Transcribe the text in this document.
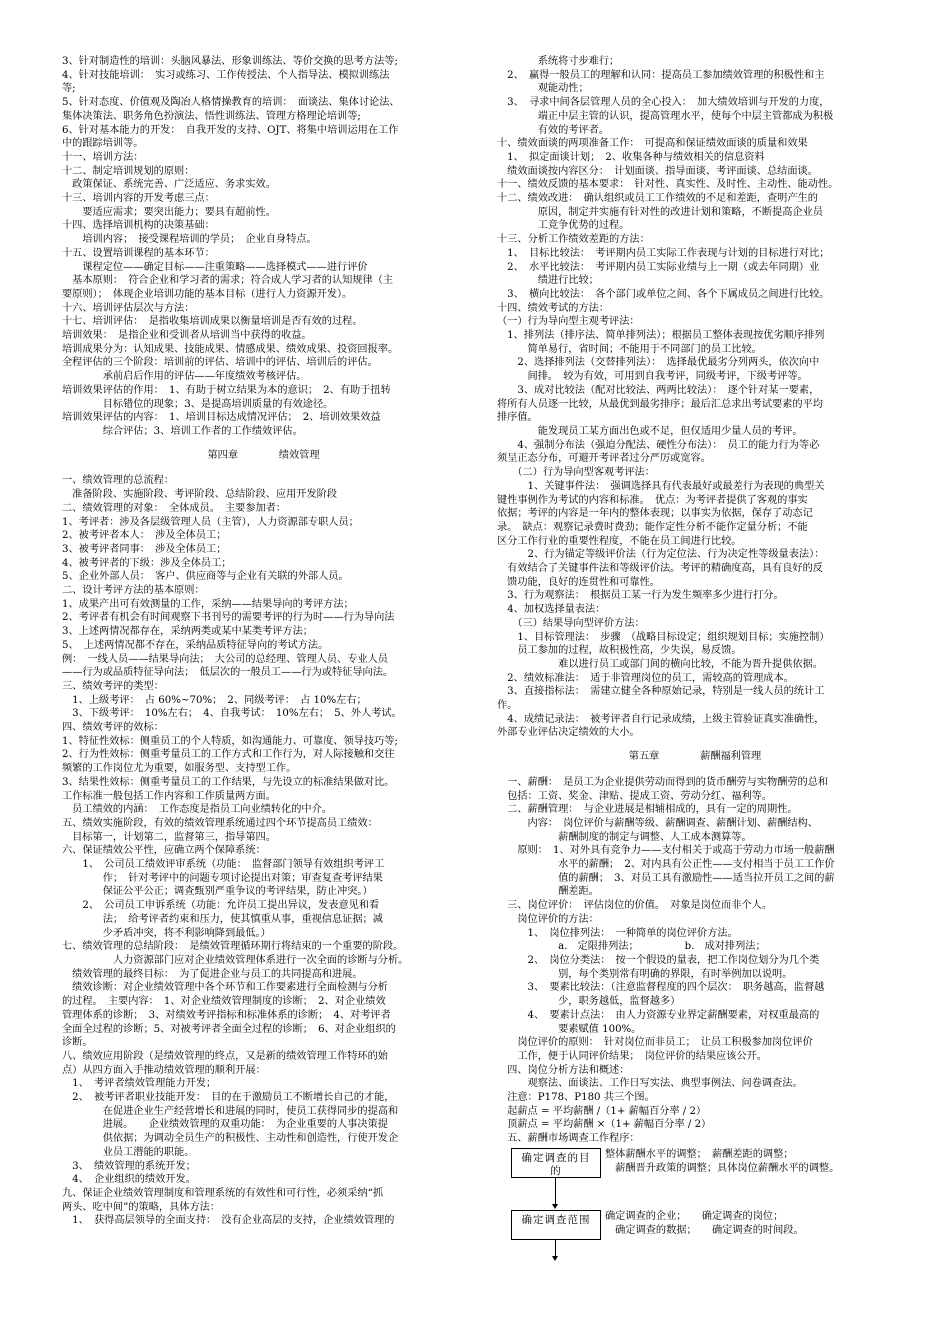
3、针对制造性的培训：头脑风暴法、形象训练法、等价交换的思考方法等;
4、针对技能培训：　实习或练习、工作传授法、个人指导法、模拟训练法
等;
5、针对态度、价值观及陶冶人格情操教育的培训：　面谈法、集体讨论法、
集体决策法、职务角色扮演法、悟性训练法、管理方格理论培训等;
6、针对基本能力的开发：　自我开发的支持、OJT、将集中培训运用在工作
中的跟踪培训等。
十一、培训方法：
十二、制定培训规划的原则：
　政策保证、系统完善、广泛适应、务求实效。
十三、培训内容的开发考虑三点：
　　要适应需求；要突出能力；要具有超前性。
十四、选择培训机构的决策基础：
　　培训内容；　接受课程培训的学员；　企业自身特点。
十五、设置培训课程的基本环节：
　　课程定位——确定目标——注重策略——选择模式——进行评价
　基本原则：　符合企业和学习者的需求；符合成人学习者的认知规律（主
要原则）；　体现企业培训功能的基本目标（进行人力资源开发）。
十六、培训评估层次与方法：
十七、培训评估：　是指收集培训成果以衡量培训是否有效的过程。
培训效果：　是指企业和受训者从培训当中获得的收益。
培训成果分为：认知成果、技能成果、情感成果、绩效成果、投资回报率。
全程评估的三个阶段：培训前的评估、培训中的评估、培训后的评估。
　　　　承前启后作用的评估——年度绩效考核评估。
培训效果评估的作用：　1、有助于树立结果为本的意识；　2、有助于扭转
　　　　目标错位的现象；3、是提高培训质量的有效途径。
培训效果评估的内容：　1、培训目标达成情况评估；　2、培训效果效益
　　　　综合评估；3、培训工作者的工作绩效评估。
第四章　　　　绩效管理
一、绩效管理的总流程：
　准备阶段、实施阶段、考评阶段、总结阶段、应用开发阶段
二、绩效管理的对象：　全体成员。　主要参加者：
1、考评者：涉及各层级管理人员（主管），人力资源部专职人员；
2、被考评者本人：　涉及全体员工；
3、被考评者同事：　涉及全体员工；
4、被考评者的下级：涉及全体员工；
5、企业外部人员：　客户、供应商等与企业有关联的外部人员。
二、设计考评方法的基本原则：
1、成果产出可有效测量的工作，采纳——结果导向的考评方法；
2、考评者有机会有时间观察下书刊号的需要考评的行为时——行为导向法
3、上述两情况都存在，采纳两类或某中某类考评方法；
5、　上述两情况都不存在，采纳品质特征导向的考试方法。
例：　一线人员——结果导向法；　大公司的总经理、管理人员、专业人员
——行为或品质特征导向法；　低层次的一般员工——行为或特征导向法。
三、绩效考评的类型：
　1、上级考评：　占 60%~70%；　2、同级考评：　占 10%左右；
　3、下级考评：　10%左右；　4、自我考试：　10%左右；　5、外人考试。
四、绩效考评的效标：
1、特征性效标：侧重员工的个人特质，如沟通能力、可靠度、领导技巧等;
2、行为性效标：侧重考量员工的工作方式和工作行为，对人际接触和交往
频繁的工作岗位尤为重要，如服务型、支持型工作。
3、结果性效标：侧重考量员工的工作结果，与先设立的标准结果做对比。
工作标准一般包括工作内容和工作质量两方面。
　员工绩效的内涵：　工作态度是指员工向业绩转化的中介。
五、绩效实施阶段，有效的绩效管理系统通过四个环节提高员工绩效：
　目标第一，计划第二，监督第三，指导第四。
六、保证绩效公平性，应确立两个保障系统：
　　1、　公司员工绩效评审系统（功能：　监督部门领导有效组织考评工
　　　　作；　针对考评中的问题专项讨论提出对策；审查复查考评结果
　　　　保证公平公正；调查甄别严重争议的考评结果，防止冲突。）
　　2、　公司员工申诉系统（功能：允许员工提出异议，发表意见和看
　　　　法；　给考评者约束和压力，使其慎重从事，重视信息证据；减
　　　　少矛盾冲突，将不利影响降到最低。）
七、绩效管理的总结阶段：　是绩效管理循环期行将结束的一个重要的阶段。
　　　　　人力资源部门应对企业绩效管理体系进行一次全面的诊断与分析。
　绩效管理的最终目标：　为了促进企业与员工的共同提高和进展。
　绩效诊断：对企业绩效管理中各个环节和工作要素进行全面检测与分析
的过程。　主要内容：　1、对企业绩效管理制度的诊断；　2、对企业绩效
管理体系的诊断；　3、对绩效考评指标和标准体系的诊断；　4、对考评者
全面全过程的诊断；5、对被考评者全面全过程的诊断；　6、对企业组织的
诊断。
八、绩效应用阶段（是绩效管理的终点，又是新的绩效管理工作特环的始
点）从四方面入手推动绩效管理的顺利开展：
　1、　考评者绩效管理能力开发；
　2、　被考评者职业技能开发：　目的在于激励员工不断增长自己的才能，
　　　　在促进企业生产经营增长和进展的同时，使员工获得同步的提高和
　　　　进展。　　企业绩效管理的双重功能：　为企业重要的人事决策提
　　　　供依据；为调动全员生产的积极性、主动性和创造性，行使开发企
　　　　业员工潜能的职能。
　3、　绩效管理的系统开发；
　4、　企业组织的绩效开发。
九、保证企业绩效管理制度和管理系统的有效性和可行性，必须采纳“抓
两头、吃中间”的策略，具体方法：
　1、　获得高层领导的全面支持：　没有企业高层的支持，企业绩效管理的
　　　　系统将寸步难行；
　2、　赢得一般员工的理解和认同：提高员工参加绩效管理的积极性和主
　　　　观能动性；
　3、　寻求中间各层管理人员的全心投入：　加大绩效培训与开发的力度，
　　　　端正中层主管的认识，提高管理水平，使每个中层主管都成为积极
　　　　有效的考评者。
十、绩效面谈的两项准备工作：　可提高和保证绩效面谈的质量和效果
　1、　拟定面谈计划；　2、收集各种与绩效相关的信息资料
　绩效面谈按内容区分：　计划面谈、指导面谈、考评面谈、总结面谈。
十一、绩效反馈的基本要求：　针对性、真实性、及时性、主动性、能动性。
十二、绩效改进：　确认组织或员工工作绩效的不足和差距，查明产生的
　　　　原因，制定并实施有针对性的改进计划和策略，不断提高企业员
　　　　工竞争优势的过程。
十三、分析工作绩效差距的方法：
　1、　目标比较法：　考评期内员工实际工作表现与计划的目标进行对比；
　2、　水平比较法：　考评期内员工实际业绩与上一期（或去年同期）业
　　　　绩进行比较；
　3、　横向比较法：　各个部门或单位之间、各个下属成员之间进行比较。
十四、绩效考试的方法：
（一）行为导向型主观考评法：
　1、排列法（排序法、简单排列法）；根据员工整体表现按优劣顺序排列
　　　简单易行，省时间；不能用于不同部门的员工比较。
　　2、选择排列法（交替排列法）：　选择最优最劣分列两头，依次向中
　　　间排。　较为有效，可用到自我考评，同级考评，下级考评等。
　　3、成对比较法（配对比较法、两两比较法）：　逐个针对某一要素，
将所有人员逐一比较，从最优到最劣排序；最后汇总求出考试要素的平均
排序值。
　　　　能发现员工某方面出色或不足，但仅适用少量人员的考评。
　　4、强制分布法（强迫分配法、硬性分布法）：　员工的能力行为等必
须呈正态分布，可避开考评者过分严厉或宽容。
　　（二）行为导向型客观考评法：
　　　1、关键事件法：　强调选择具有代表最好或最差行为表现的典型关
键性事例作为考试的内容和标准。　优点：为考评者提供了客观的事实
依据；考评的内容是一年内的整体表现；以事实为依据，保存了动态记
录。　缺点：观察记录费时费劲；能作定性分析不能作定量分析；不能
区分工作行业的重要性程度，不能在员工间进行比较。
　　　2、行为锚定等级评价法（行为定位法、行为决定性等级量表法）：
　有效结合了关键事件法和等级评价法。考评的精确度高，具有良好的反
　馈功能，良好的连贯性和可靠性。
　3、行为观察法：　根据员工某一行为发生频率多少进行打分。
　4、加权选择量表法：
　　（三）结果导向型评价方法：
　　1、目标管理法：　步骤　（战略目标设定；组织规划目标；实施控制）
　　员工参加的过程，故积极性高，少失误，易反馈。
　　　　　　难以进行员工或部门间的横向比较，不能为晋升提供依据。
　2、绩效标准法：　适于非管理岗位的员工，需较高的管理成本。
　3、直接指标法：　需建立健全各种原始记录，特别是一线人员的统计工
作。
　4、成绩记录法：　被考评者自行记录成绩，上级主管验证真实准确性，
外部专业评估决定绩效的大小。
第五章　　　　薪酬福利管理
　一、薪酬：　是员工为企业提供劳动而得到的货币酬劳与实物酬劳的总和
　包括：工资、奖金、津贴、提成工资、劳动分红、福利等。
　二、薪酬管理：　与企业进展是相辅相成的，具有一定的周期性。
　　　内容：　岗位评价与薪酬等级、薪酬调查、薪酬计划、薪酬结构、
　　　　　　薪酬制度的制定与调整、人工成本测算等。
　　原则：　1、对外具有竞争力——支付相关于或高于劳动力市场一般薪酬
　　　　　　水平的薪酬；　2、对内具有公正性——支付相当于员工工作价
　　　　　　值的薪酬；　3、对员工具有激励性——适当拉开员工之间的薪
　　　　　　酬差距。
　三、岗位评价：　评估岗位的价值。　对象是岗位而非个人。
　　岗位评价的方法：
　　　1、　岗位排列法：　一种简单的岗位评价方法。
　　　　　　a.　定限排列法；　　　　　b.　成对排列法；
　　　2、　岗位分类法：　按一个假设的量表，把工作岗位划分为几个类
　　　　　　别，每个类别常有明确的界限，有时举例加以说明。
　　　3、　要素比较法：（注意监督程度的四个层次：　职务越高，监督越
　　　　　　少，职务越低，监督越多）
　　　4、　要素计点法：　由人力资源专业界定薪酬要素，对权重最高的
　　　　　　要素赋值 100%。
　　岗位评价的原则：　针对岗位而非员工；　让员工积极参加岗位评价
　　工作，便于认同评价结果；　岗位评价的结果应该公开。
　四、岗位分析方法和概述：
　　　观察法、面谈法、工作日写实法、典型事例法、问卷调查法。
　注意：P178、P180 共三个图。
　起薪点 = 平均薪酬 /（1+ 薪幅百分率 / 2）
　顶薪点 = 平均薪酬 ×（1+ 薪幅百分率 / 2）
　五、薪酬市场调查工作程序：
确定调查的目的
整体薪酬水平的调整；　薪酬差距的调整；
　薪酬晋升政策的调整；具体岗位薪酬水平的调整。
确定调查范围	确定调查的企业；　　确定调查的岗位；
　确定调查的数据；　　确定调查的时间段。
